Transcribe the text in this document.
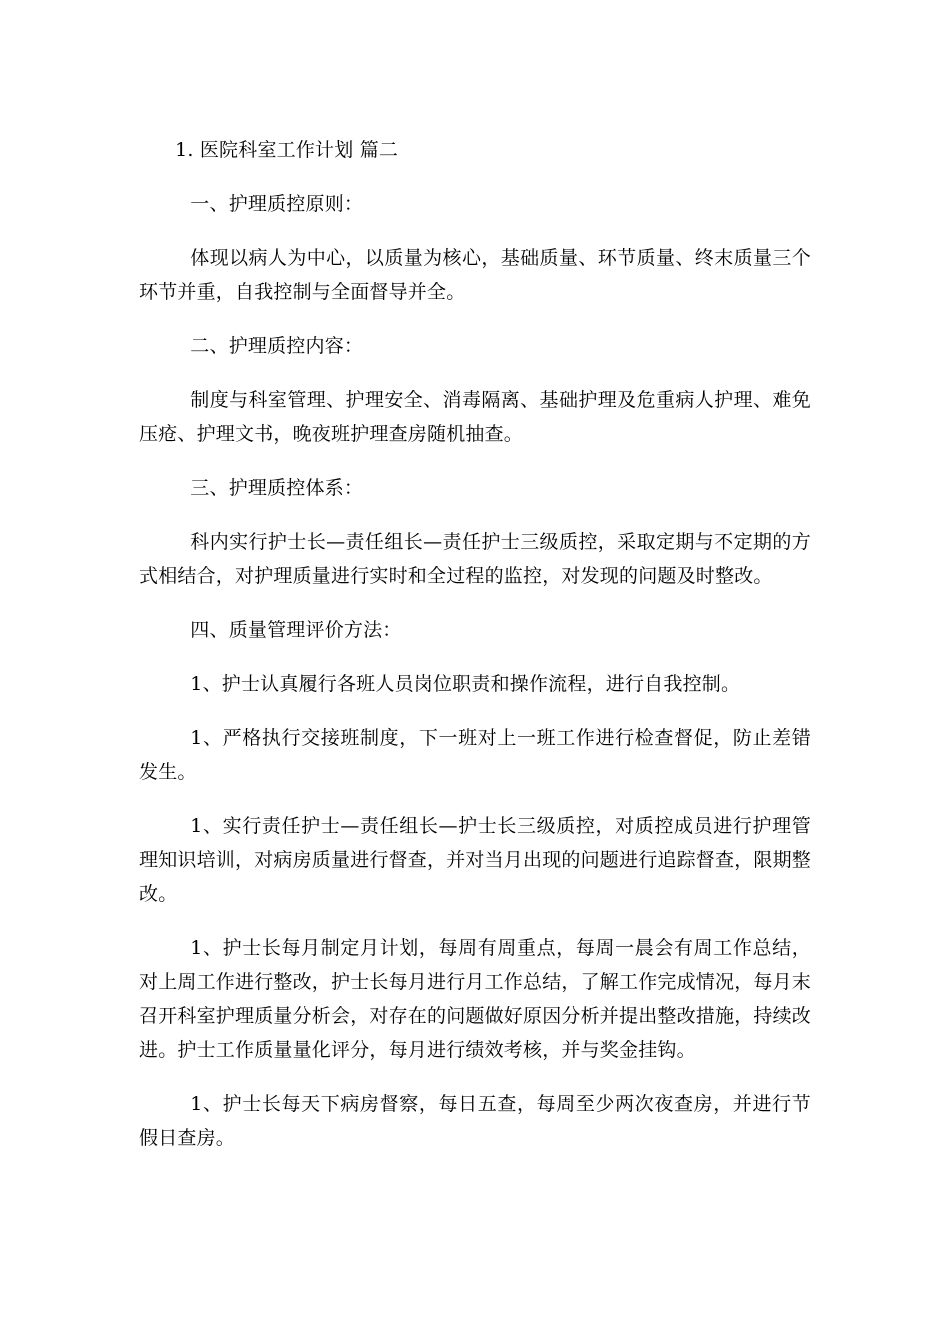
1. 医院科室工作计划 篇二

一、护理质控原则：

体现以病人为中心，以质量为核心，基础质量、环节质量、终末质量三个环节并重，自我控制与全面督导并全。

二、护理质控内容：

制度与科室管理、护理安全、消毒隔离、基础护理及危重病人护理、难免压疮、护理文书，晚夜班护理查房随机抽查。

三、护理质控体系：

科内实行护士长—责任组长—责任护士三级质控，采取定期与不定期的方式相结合，对护理质量进行实时和全过程的监控，对发现的问题及时整改。

四、质量管理评价方法：

1、护士认真履行各班人员岗位职责和操作流程，进行自我控制。

1、严格执行交接班制度，下一班对上一班工作进行检查督促，防止差错发生。

1、实行责任护士—责任组长—护士长三级质控，对质控成员进行护理管理知识培训，对病房质量进行督查，并对当月出现的问题进行追踪督查，限期整改。

1、护士长每月制定月计划，每周有周重点，每周一晨会有周工作总结，对上周工作进行整改，护士长每月进行月工作总结，了解工作完成情况，每月末召开科室护理质量分析会，对存在的问题做好原因分析并提出整改措施，持续改进。护士工作质量量化评分，每月进行绩效考核，并与奖金挂钩。

1、护士长每天下病房督察，每日五查，每周至少两次夜查房，并进行节假日查房。
